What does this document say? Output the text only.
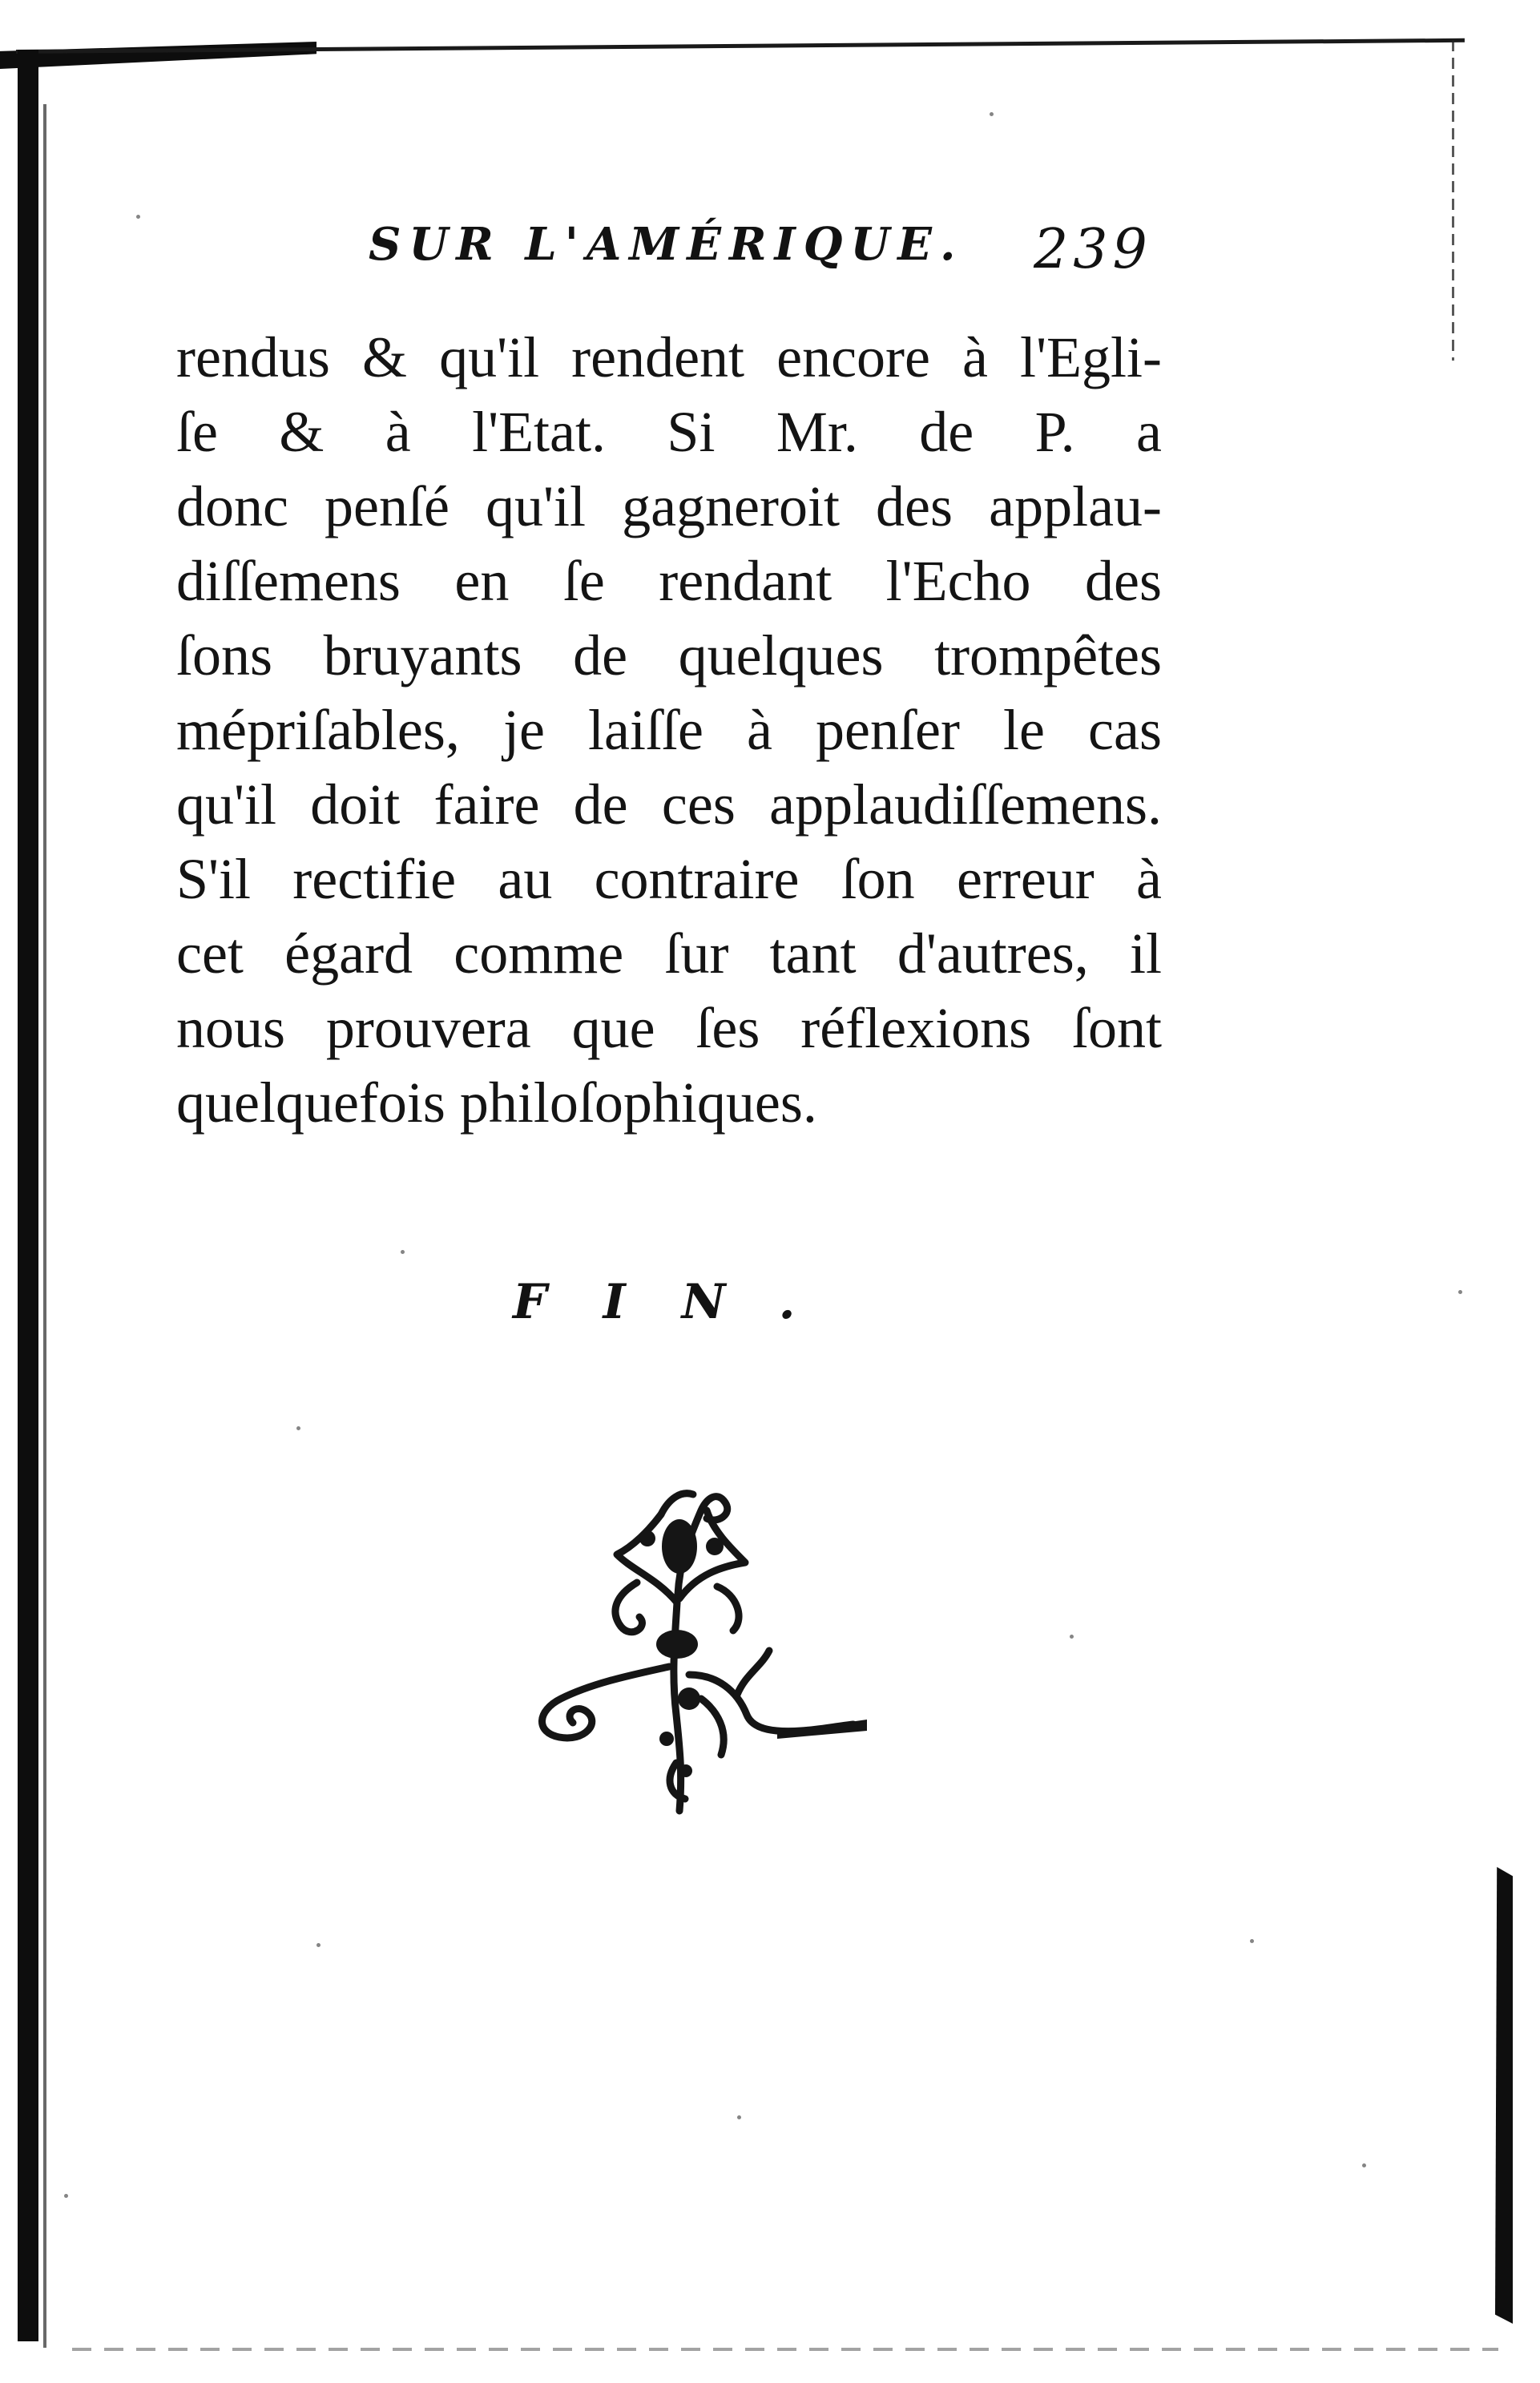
SUR L'AMÉRIQUE. 239
rendus & qu'il rendent encore à l'Egli-
ſe & à l'Etat. Si Mr. de P. a
donc penſé qu'il gagneroit des applau-
diſſemens en ſe rendant l'Echo des
ſons bruyants de quelques trompêtes
mépriſables, je laiſſe à penſer le cas
qu'il doit faire de ces applaudiſſemens.
S'il rectifie au contraire ſon erreur à
cet égard comme ſur tant d'autres, il
nous prouvera que ſes réflexions ſont
quelquefois philoſophiques.
FIN.
